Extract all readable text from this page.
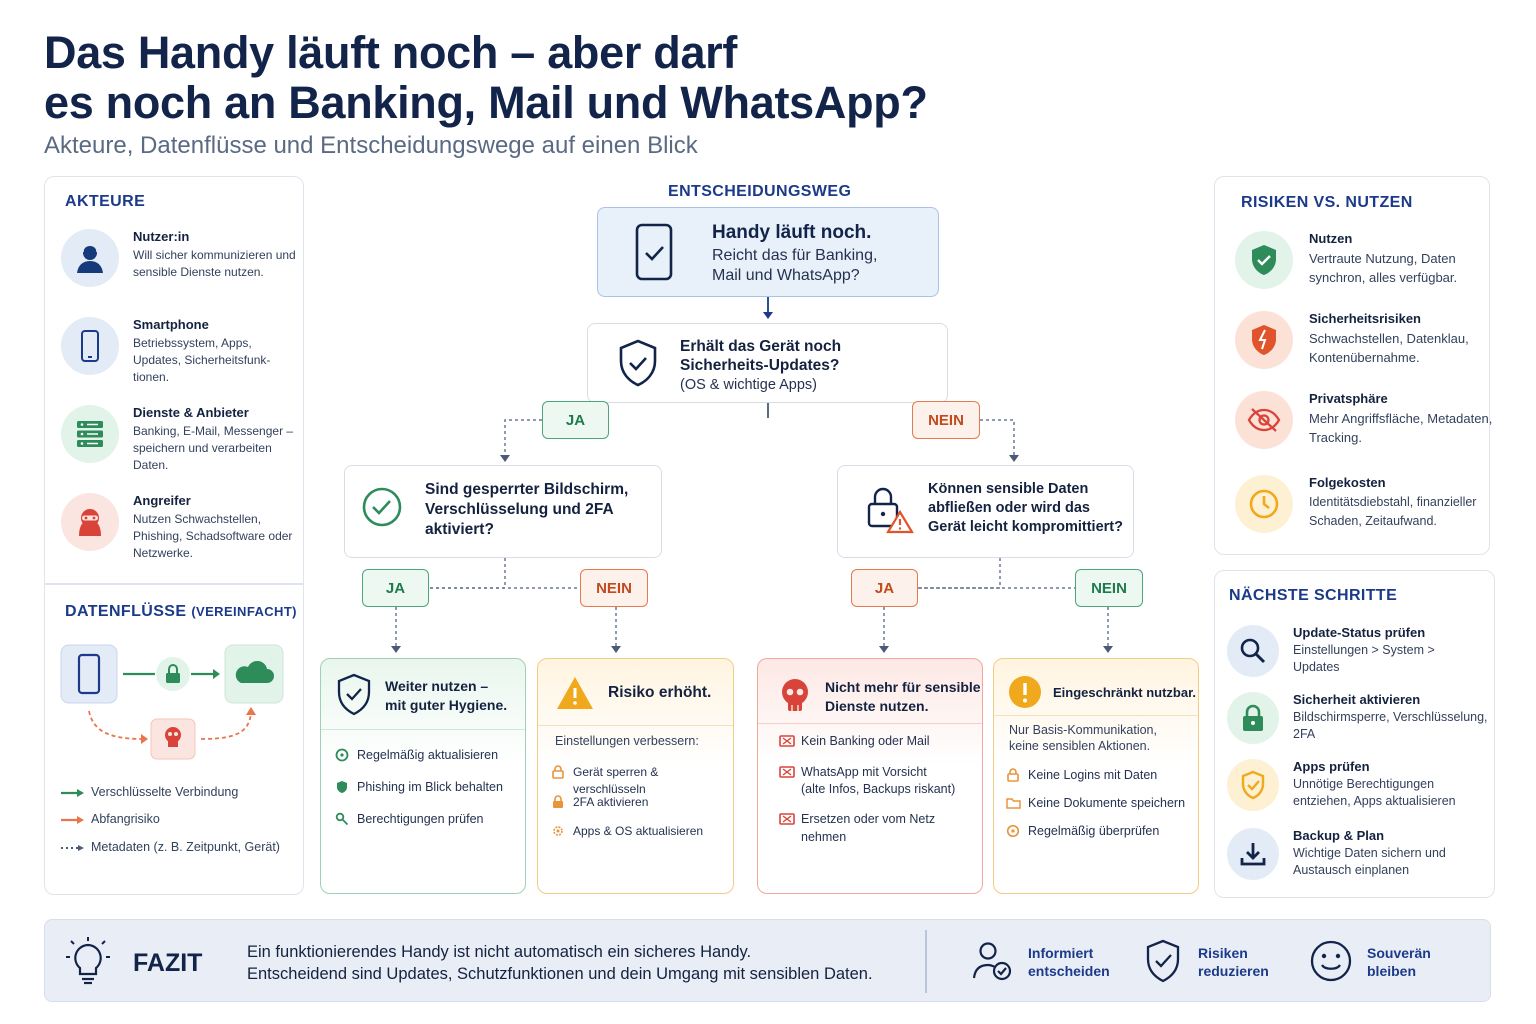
Das Handy läuft noch – aber darf
es noch an Banking, Mail und WhatsApp?
Akteure, Datenflüsse und Entscheidungswege auf einen Blick
AKTEURE
Nutzer:in
Will sicher kommunizieren und sensible Dienste nutzen.
Smartphone
Betriebssystem, Apps, Updates, Sicherheitsfunk-tionen.
Dienste & Anbieter
Banking, E-Mail, Messenger – speichern und verarbeiten Daten.
Angreifer
Nutzen Schwachstellen, Phishing, Schadsoftware oder Netzwerke.
DATENFLÜSSE (VEREINFACHT)
Verschlüsselte Verbindung
Abfangrisiko
Metadaten (z. B. Zeitpunkt, Gerät)
ENTSCHEIDUNGSWEG
Handy läuft noch.
Reicht das für Banking,
Mail und WhatsApp?
Erhält das Gerät noch
Sicherheits-Updates?
(OS & wichtige Apps)
JA	NEIN
Sind gesperrter Bildschirm,
Verschlüsselung und 2FA
aktiviert?
Können sensible Daten
abfließen oder wird das
Gerät leicht kompromittiert?
JA	NEIN	JA	NEIN
Weiter nutzen –
mit guter Hygiene.
Regelmäßig aktualisieren
Phishing im Blick behalten
Berechtigungen prüfen
Risiko erhöht.
Einstellungen verbessern:
Gerät sperren & verschlüsseln
2FA aktivieren
Apps & OS aktualisieren
Nicht mehr für sensible
Dienste nutzen.
Kein Banking oder Mail
WhatsApp mit Vorsicht
(alte Infos, Backups riskant)
Ersetzen oder vom Netz
nehmen
Eingeschränkt nutzbar.
Nur Basis-Kommunikation,
keine sensiblen Aktionen.
Keine Logins mit Daten
Keine Dokumente speichern
Regelmäßig überprüfen
RISIKEN VS. NUTZEN
Nutzen
Vertraute Nutzung, Daten synchron, alles verfügbar.
Sicherheitsrisiken
Schwachstellen, Datenklau, Kontenübernahme.
Privatsphäre
Mehr Angriffsfläche, Metadaten, Tracking.
Folgekosten
Identitätsdiebstahl, finanzieller Schaden, Zeitaufwand.
NÄCHSTE SCHRITTE
Update-Status prüfen
Einstellungen > System > Updates
Sicherheit aktivieren
Bildschirmsperre, Verschlüsselung, 2FA
Apps prüfen
Unnötige Berechtigungen entziehen, Apps aktualisieren
Backup & Plan
Wichtige Daten sichern und Austausch einplanen
FAZIT	Ein funktionierendes Handy ist nicht automatisch ein sicheres Handy.
Entscheidend sind Updates, Schutzfunktionen und dein Umgang mit sensiblen Daten.
Informiert
entscheiden
Risiken
reduzieren
Souverän
bleiben
